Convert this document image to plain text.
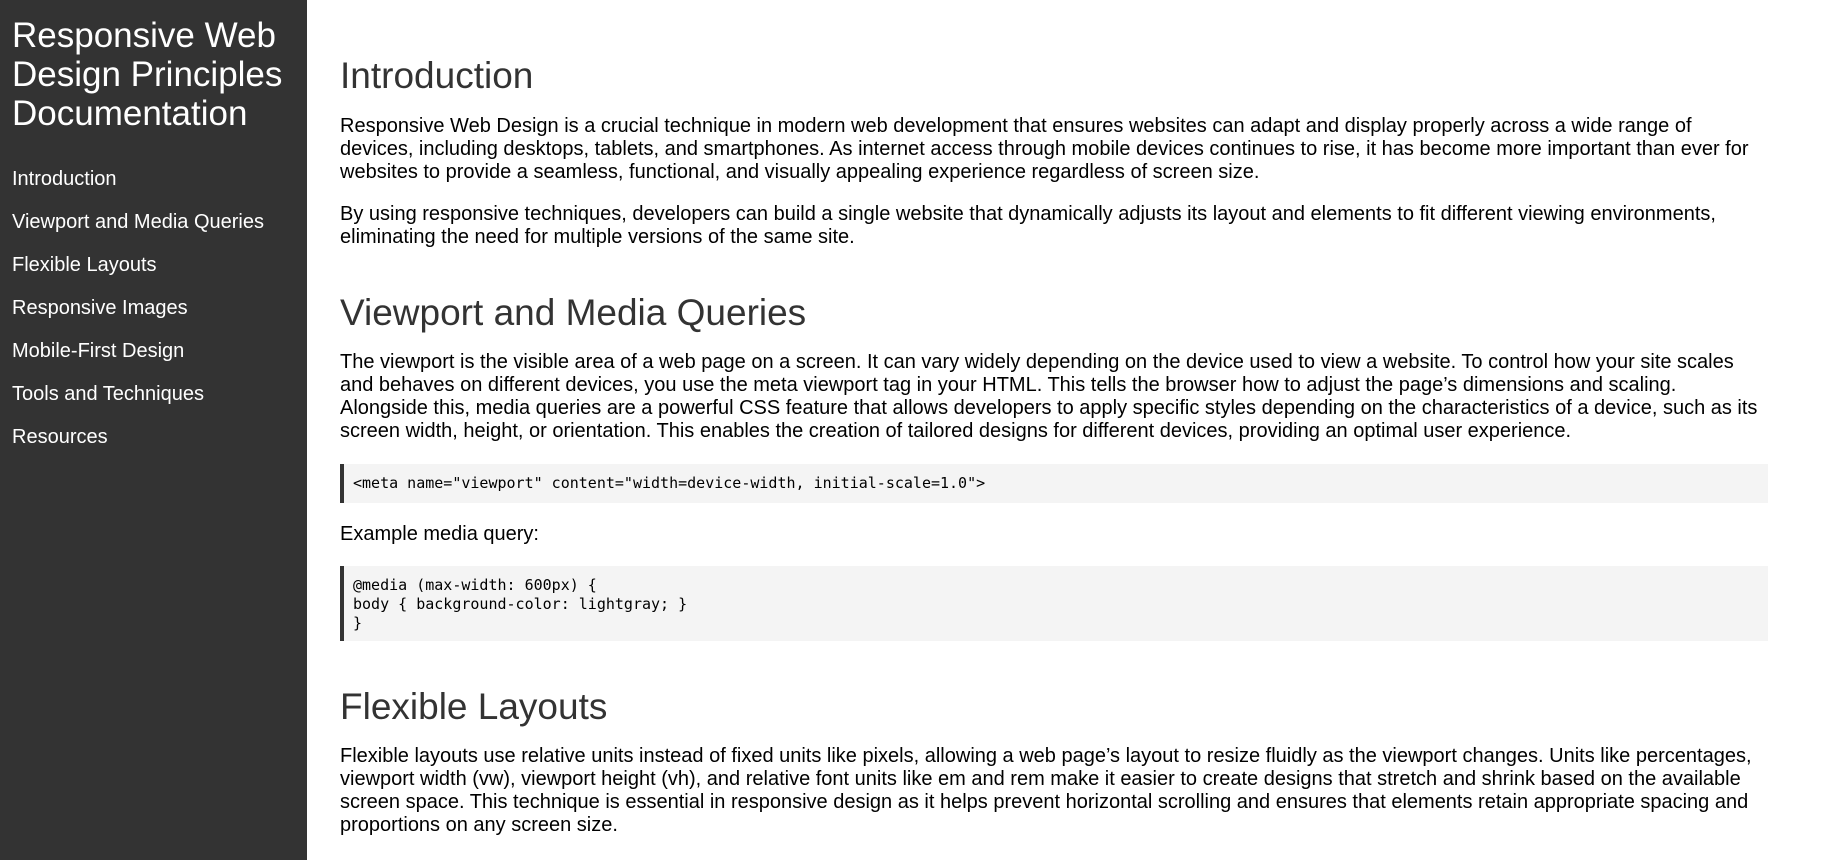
Responsive Web Design Principles Documentation
Introduction
Viewport and Media Queries
Flexible Layouts
Responsive Images
Mobile-First Design
Tools and Techniques
Resources
Introduction

Responsive Web Design is a crucial technique in modern web development that ensures websites can adapt and display properly across a wide range of devices, including desktops, tablets, and smartphones. As internet access through mobile devices continues to rise, it has become more important than ever for websites to provide a seamless, functional, and visually appealing experience regardless of screen size.

By using responsive techniques, developers can build a single website that dynamically adjusts its layout and elements to fit different viewing environments, eliminating the need for multiple versions of the same site.

Viewport and Media Queries

The viewport is the visible area of a web page on a screen. It can vary widely depending on the device used to view a website. To control how your site scales and behaves on different devices, you use the meta viewport tag in your HTML. This tells the browser how to adjust the page’s dimensions and scaling. Alongside this, media queries are a powerful CSS feature that allows developers to apply specific styles depending on the characteristics of a device, such as its screen width, height, or orientation. This enables the creation of tailored designs for different devices, providing an optimal user experience.

<meta name="viewport" content="width=device-width, initial-scale=1.0">

Example media query:

@media (max-width: 600px) {
body { background-color: lightgray; }
}
Flexible Layouts

Flexible layouts use relative units instead of fixed units like pixels, allowing a web page’s layout to resize fluidly as the viewport changes. Units like percentages, viewport width (vw), viewport height (vh), and relative font units like em and rem make it easier to create designs that stretch and shrink based on the available screen space. This technique is essential in responsive design as it helps prevent horizontal scrolling and ensures that elements retain appropriate spacing and proportions on any screen size.
